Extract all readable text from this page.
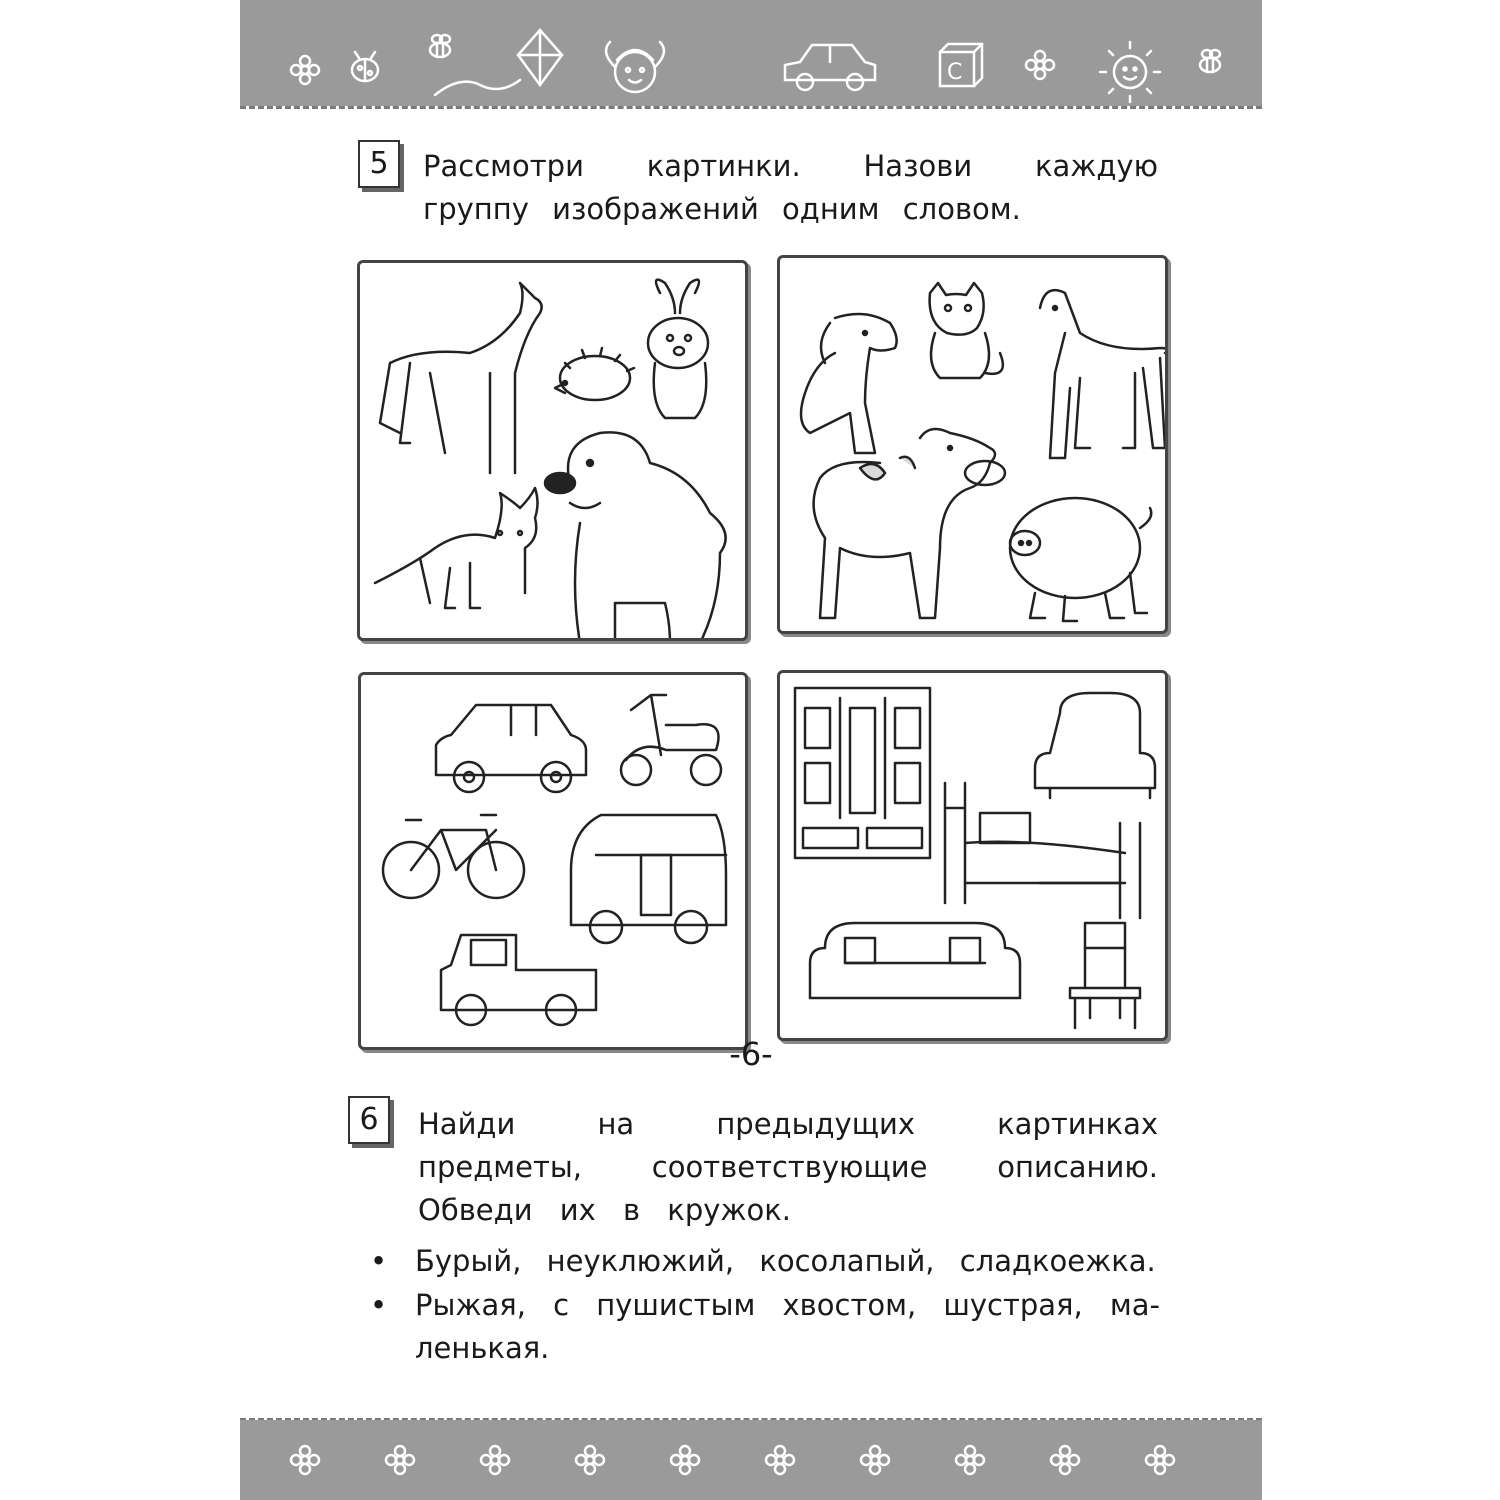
C
5	Рассмотри картинки. Назови каждую группу изображений одним словом.
6	Найди на предыдущих картинках предметы, соответствующие описанию. Обведи их в кружок.
• Бурый, неуклюжий, косолапый, сладкоежка.
• Рыжая, с пушистым хвостом, шустрая, ма-ленькая.
-6-
